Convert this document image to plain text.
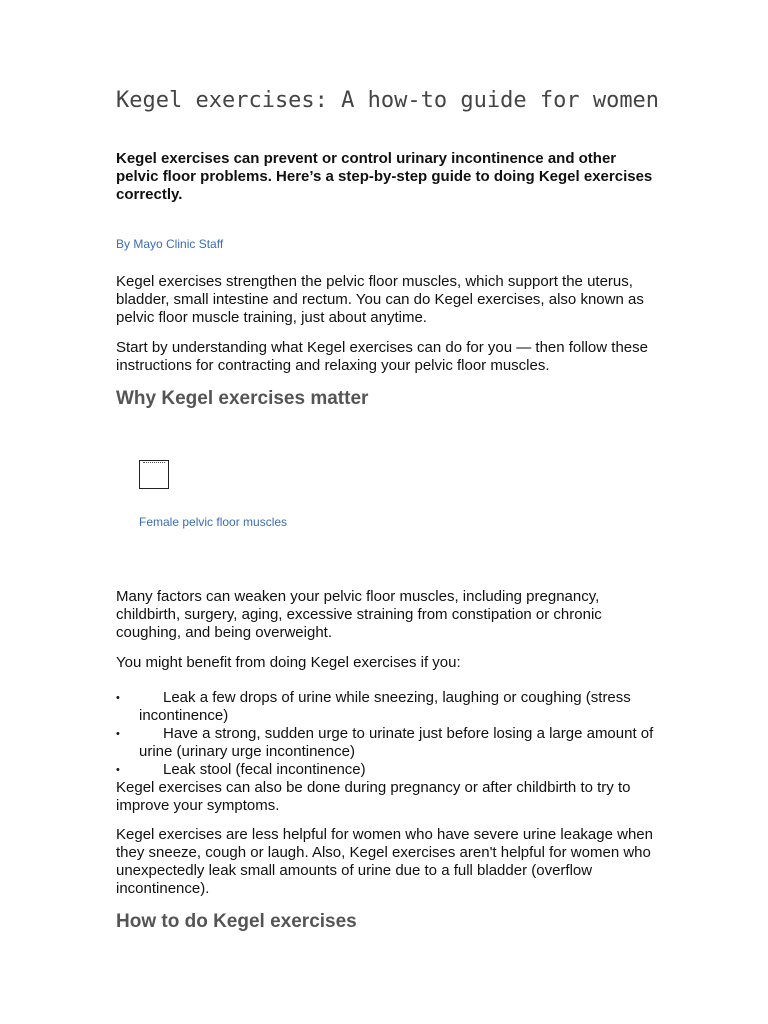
Kegel exercises: A how-to guide for women

Kegel exercises can prevent or control urinary incontinence and other pelvic floor problems. Here’s a step-by-step guide to doing Kegel exercises correctly.

By Mayo Clinic Staff

Kegel exercises strengthen the pelvic floor muscles, which support the uterus, bladder, small intestine and rectum. You can do Kegel exercises, also known as pelvic floor muscle training, just about anytime.

Start by understanding what Kegel exercises can do for you — then follow these instructions for contracting and relaxing your pelvic floor muscles.

Why Kegel exercises matter
Female pelvic floor muscles

Many factors can weaken your pelvic floor muscles, including pregnancy, childbirth, surgery, aging, excessive straining from constipation or chronic coughing, and being overweight.

You might benefit from doing Kegel exercises if you:

•	Leak a few drops of urine while sneezing, laughing or coughing (stress incontinence)
•	Have a strong, sudden urge to urinate just before losing a large amount of urine (urinary urge incontinence)
•	Leak stool (fecal incontinence)

Kegel exercises can also be done during pregnancy or after childbirth to try to improve your symptoms.

Kegel exercises are less helpful for women who have severe urine leakage when they sneeze, cough or laugh. Also, Kegel exercises aren't helpful for women who unexpectedly leak small amounts of urine due to a full bladder (overflow incontinence).

How to do Kegel exercises
